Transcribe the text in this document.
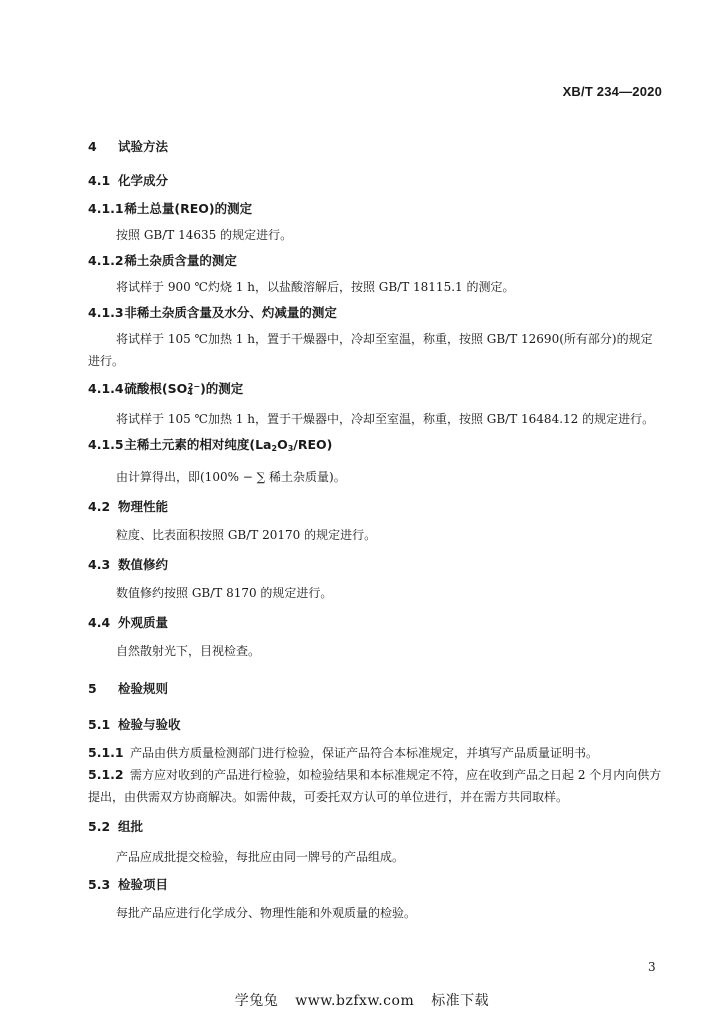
XB/T 234—2020
4 试验方法
4.1 化学成分
4.1.1 稀土总量(REO)的测定
按照 GB/T 14635 的规定进行。
4.1.2 稀土杂质含量的测定
将试样于 900 ℃灼烧 1 h，以盐酸溶解后，按照 GB/T 18115.1 的测定。
4.1.3 非稀土杂质含量及水分、灼减量的测定
将试样于 105 ℃加热 1 h，置于干燥器中，冷却至室温，称重，按照 GB/T 12690(所有部分)的规定进行。
4.1.4 硫酸根$(SO_4^{2-})$的测定
将试样于 105 ℃加热 1 h，置于干燥器中，冷却至室温，称重，按照 GB/T 16484.12 的规定进行。
4.1.5 主稀土元素的相对纯度$(La_2O_3/REO)$
由计算得出，即(100% − ∑ 稀土杂质量)。
4.2 物理性能
粒度、比表面积按照 GB/T 20170 的规定进行。
4.3 数值修约
数值修约按照 GB/T 8170 的规定进行。
4.4 外观质量
自然散射光下，目视检查。
5 检验规则
5.1 检验与验收
5.1.1 产品由供方质量检测部门进行检验，保证产品符合本标准规定，并填写产品质量证明书。
5.1.2 需方应对收到的产品进行检验，如检验结果和本标准规定不符，应在收到产品之日起 2 个月内向供方提出，由供需双方协商解决。如需仲裁，可委托双方认可的单位进行，并在需方共同取样。
5.2 组批
产品应成批提交检验，每批应由同一牌号的产品组成。
5.3 检验项目
每批产品应进行化学成分、物理性能和外观质量的检验。
3
学兔兔 www.bzfxw.com 标准下载
